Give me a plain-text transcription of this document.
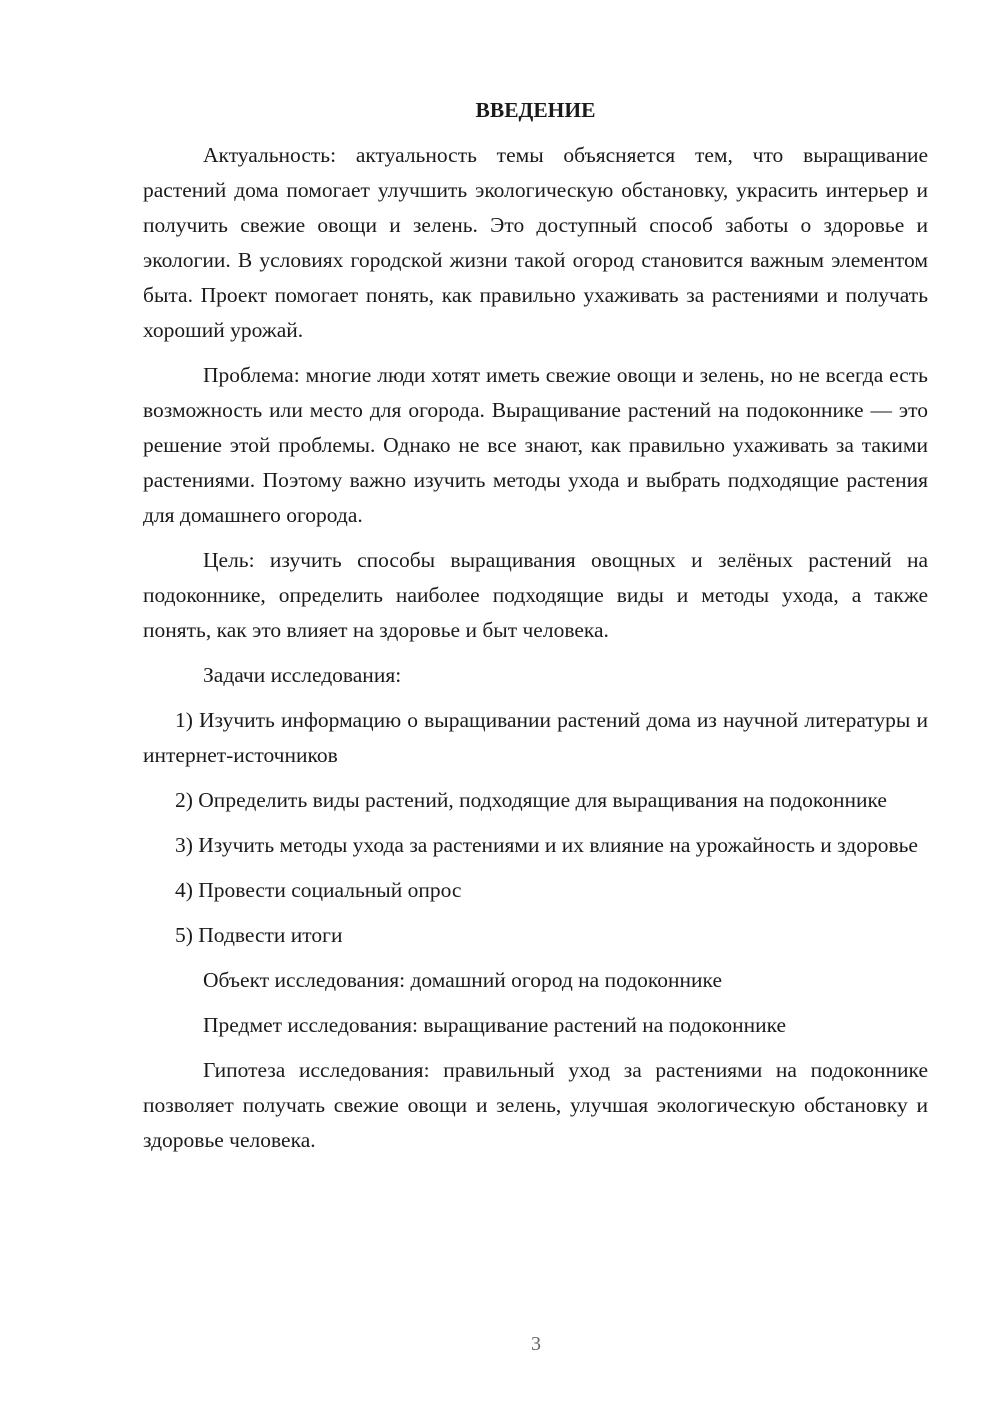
ВВЕДЕНИЕ

Актуальность: актуальность темы объясняется тем, что выращивание растений дома помогает улучшить экологическую обстановку, украсить интерьер и получить свежие овощи и зелень. Это доступный способ заботы о здоровье и экологии. В условиях городской жизни такой огород становится важным элементом быта. Проект помогает понять, как правильно ухаживать за растениями и получать хороший урожай.

Проблема: многие люди хотят иметь свежие овощи и зелень, но не всегда есть возможность или место для огорода. Выращивание растений на подоконнике — это решение этой проблемы. Однако не все знают, как правильно ухаживать за такими растениями. Поэтому важно изучить методы ухода и выбрать подходящие растения для домашнего огорода.

Цель: изучить способы выращивания овощных и зелёных растений на подоконнике, определить наиболее подходящие виды и методы ухода, а также понять, как это влияет на здоровье и быт человека.

Задачи исследования:

1) Изучить информацию о выращивании растений дома из научной литературы и интернет-источников

2) Определить виды растений, подходящие для выращивания на подоконнике

3) Изучить методы ухода за растениями и их влияние на урожайность и здоровье

4) Провести социальный опрос

5) Подвести итоги

Объект исследования: домашний огород на подоконнике

Предмет исследования: выращивание растений на подоконнике

Гипотеза исследования: правильный уход за растениями на подоконнике позволяет получать свежие овощи и зелень, улучшая экологическую обстановку и здоровье человека.

3
